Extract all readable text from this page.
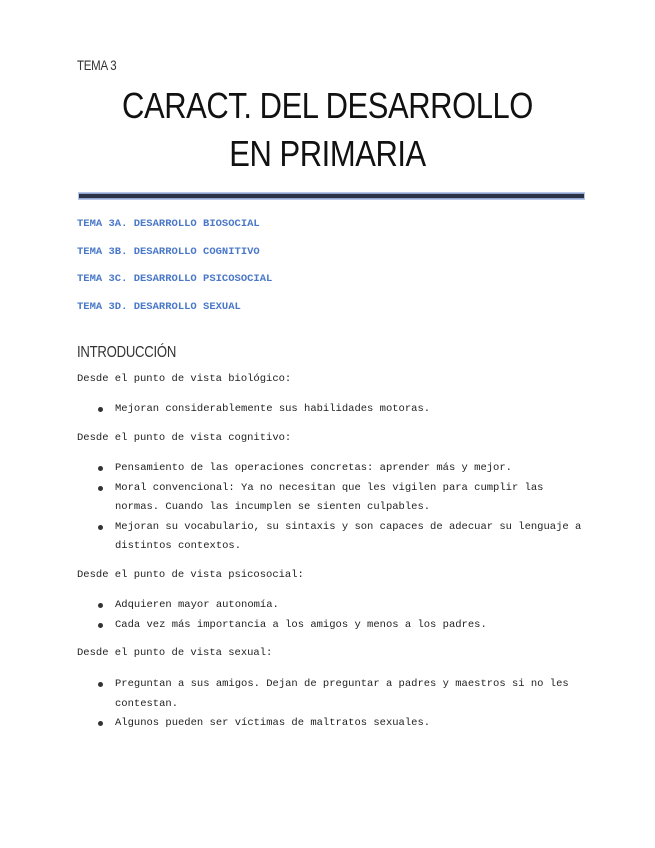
TEMA 3
CARACT. DEL DESARROLLO EN PRIMARIA
TEMA 3A. DESARROLLO BIOSOCIAL
TEMA 3B. DESARROLLO COGNITIVO
TEMA 3C. DESARROLLO PSICOSOCIAL
TEMA 3D. DESARROLLO SEXUAL
INTRODUCCIÓN
Desde el punto de vista biológico:
Mejoran considerablemente sus habilidades motoras.
Desde el punto de vista cognitivo:
Pensamiento de las operaciones concretas: aprender más y mejor.
Moral convencional: Ya no necesitan que les vigilen para cumplir las normas. Cuando las incumplen se sienten culpables.
Mejoran su vocabulario, su sintaxis y son capaces de adecuar su lenguaje a distintos contextos.
Desde el punto de vista psicosocial:
Adquieren mayor autonomía.
Cada vez más importancia a los amigos y menos a los padres.
Desde el punto de vista sexual:
Preguntan a sus amigos. Dejan de preguntar a padres y maestros si no les contestan.
Algunos pueden ser víctimas de maltratos sexuales.
